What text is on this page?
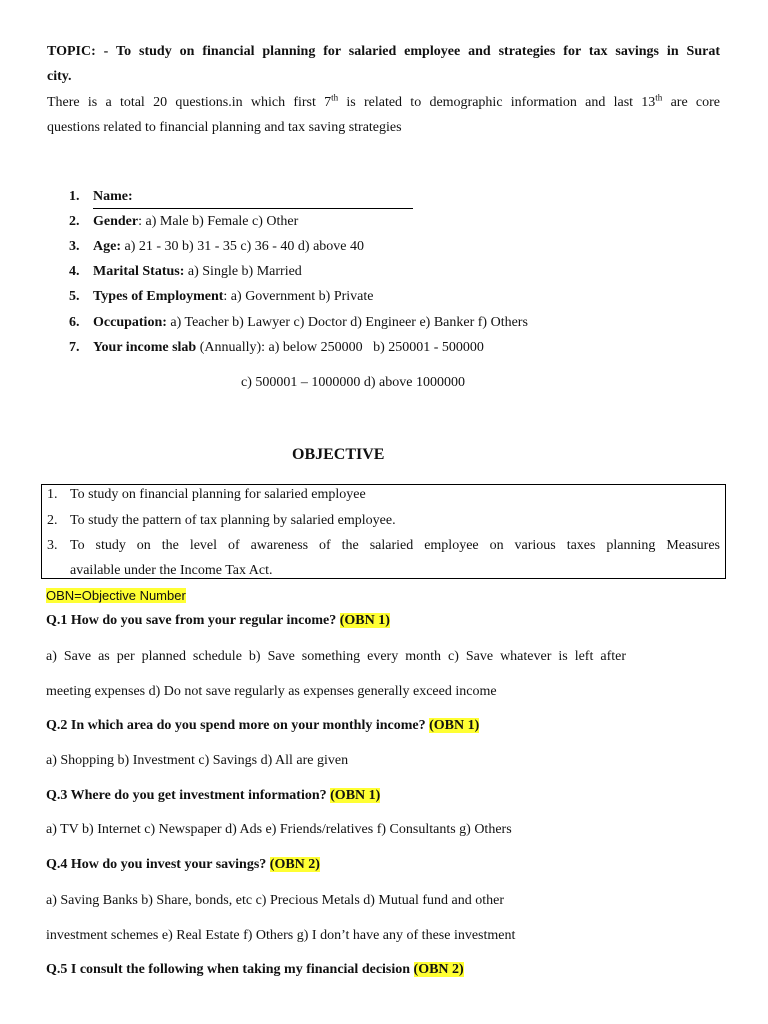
TOPIC: - To study on financial planning for salaried employee and strategies for tax savings in Surat
city.
There is a total 20 questions.in which first 7th is related to demographic information and last 13th are core
questions related to financial planning and tax saving strategies
1. Name:
2. Gender: a) Male b) Female c) Other
3. Age: a) 21 - 30 b) 31 - 35 c) 36 - 40 d) above 40
4. Marital Status: a) Single b) Married
5. Types of Employment: a) Government b) Private
6. Occupation: a) Teacher b) Lawyer c) Doctor d) Engineer e) Banker f) Others
7. Your income slab (Annually): a) below 250000   b) 250001 - 500000
c) 500001 – 1000000 d) above 1000000
OBJECTIVE
1. To study on financial planning for salaried employee
2. To study the pattern of tax planning by salaried employee.
3. To study on the level of awareness of the salaried employee on various taxes planning Measures
available under the Income Tax Act.
OBN=Objective Number
Q.1 How do you save from your regular income? (OBN 1)
a) Save as per planned schedule b) Save something every month c) Save whatever is left after
meeting expenses d) Do not save regularly as expenses generally exceed income
Q.2 In which area do you spend more on your monthly income? (OBN 1)
a) Shopping b) Investment c) Savings d) All are given
Q.3 Where do you get investment information? (OBN 1)
a) TV b) Internet c) Newspaper d) Ads e) Friends/relatives f) Consultants g) Others
Q.4 How do you invest your savings? (OBN 2)
a) Saving Banks b) Share, bonds, etc c) Precious Metals d) Mutual fund and other
investment schemes e) Real Estate f) Others g) I don’t have any of these investment
Q.5 I consult the following when taking my financial decision (OBN 2)
